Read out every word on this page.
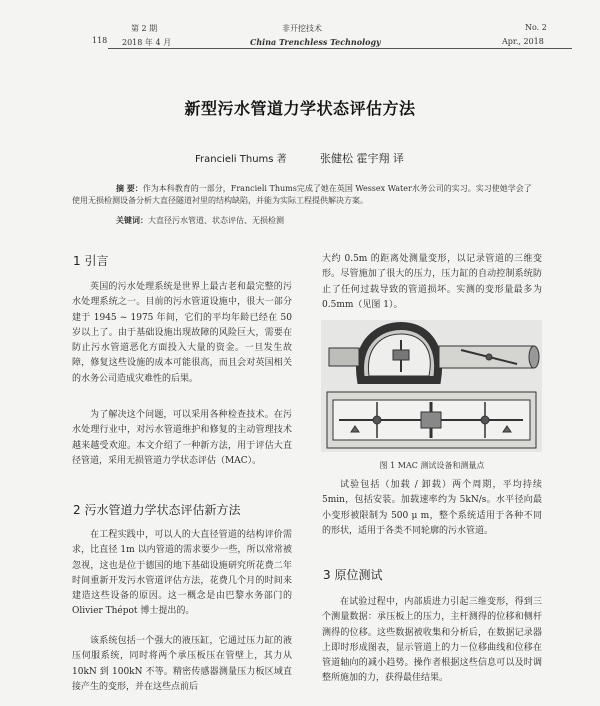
118
第 2 期
2018 年 4 月
非开挖技术
China Trenchless Technology
No. 2
Apr., 2018
新型污水管道力学状态评估方法
Francieli Thums 著	张健松 霍宇翔 译
摘 要：作为本科教育的一部分，Francieli Thums完成了她在英国 Wessex Water水务公司的实习。实习使她学会了使用无损检测设备分析大直径隧道衬里的结构缺陷，并能为实际工程提供解决方案。
关键词：大直径污水管道、状态评估、无损检测
1 引言

英国的污水处理系统是世界上最古老和最完整的污水处理系统之一。目前的污水管道设施中，很大一部分建于 1945 ~ 1975 年间，它们的平均年龄已经在 50 岁以上了。由于基础设施出现故障的风险巨大，需要在防止污水管道恶化方面投入大量的资金。一旦发生故障，修复这些设施的成本可能很高，而且会对英国相关的水务公司造成灾难性的后果。

为了解决这个问题，可以采用各种检查技术。在污水处理行业中，对污水管道维护和修复的主动管理技术越来越受欢迎。本文介绍了一种新方法，用于评估大直径管道，采用无损管道力学状态评估（MAC）。

2 污水管道力学状态评估新方法

在工程实践中，可以人的大直径管道的结构评价需求，比直径 1m 以内管道的需求要少一些，所以常常被忽视，这也是位于德国的地下基础设施研究所花费二年时间重新开发污水管道评估方法，花费几个月的时间来建造这些设备的原因。这一概念是由巴黎水务部门的 Olivier Thépot 博士提出的。

该系统包括一个强大的液压缸，它通过压力缸的液压伺服系统，同时将两个承压板压在管壁上，其力从 10kN 到 100kN 不等。精密传感器测量压力板区域直接产生的变形，并在这些点前后

大约 0.5m 的距离处测量变形，以记录管道的三维变形。尽管施加了很大的压力，压力缸的自动控制系统防止了任何过载导致的管道损坏。实测的变形量最多为 0.5mm（见图 1）。

图 1 MAC 测试设备和测量点

试验包括（加载 / 卸载）两个周期，平均持续 5min，包括安装。加载速率约为 5kN/s。水平径向最小变形被限制为 500 μ m，整个系统适用于各种不同的形状，适用于各类不同轮廓的污水管道。

3 原位测试

在试验过程中，内部质进力引起三维变形，得到三个测量数据：承压板上的压力，主杆测得的位移和侧杆测得的位移。这些数据被收集和分析后，在数据记录器上即时形成图表，显示管道上的力－位移曲线和位移在管道轴向的减小趋势。操作者根据这些信息可以及时调整所施加的力，获得最佳结果。
